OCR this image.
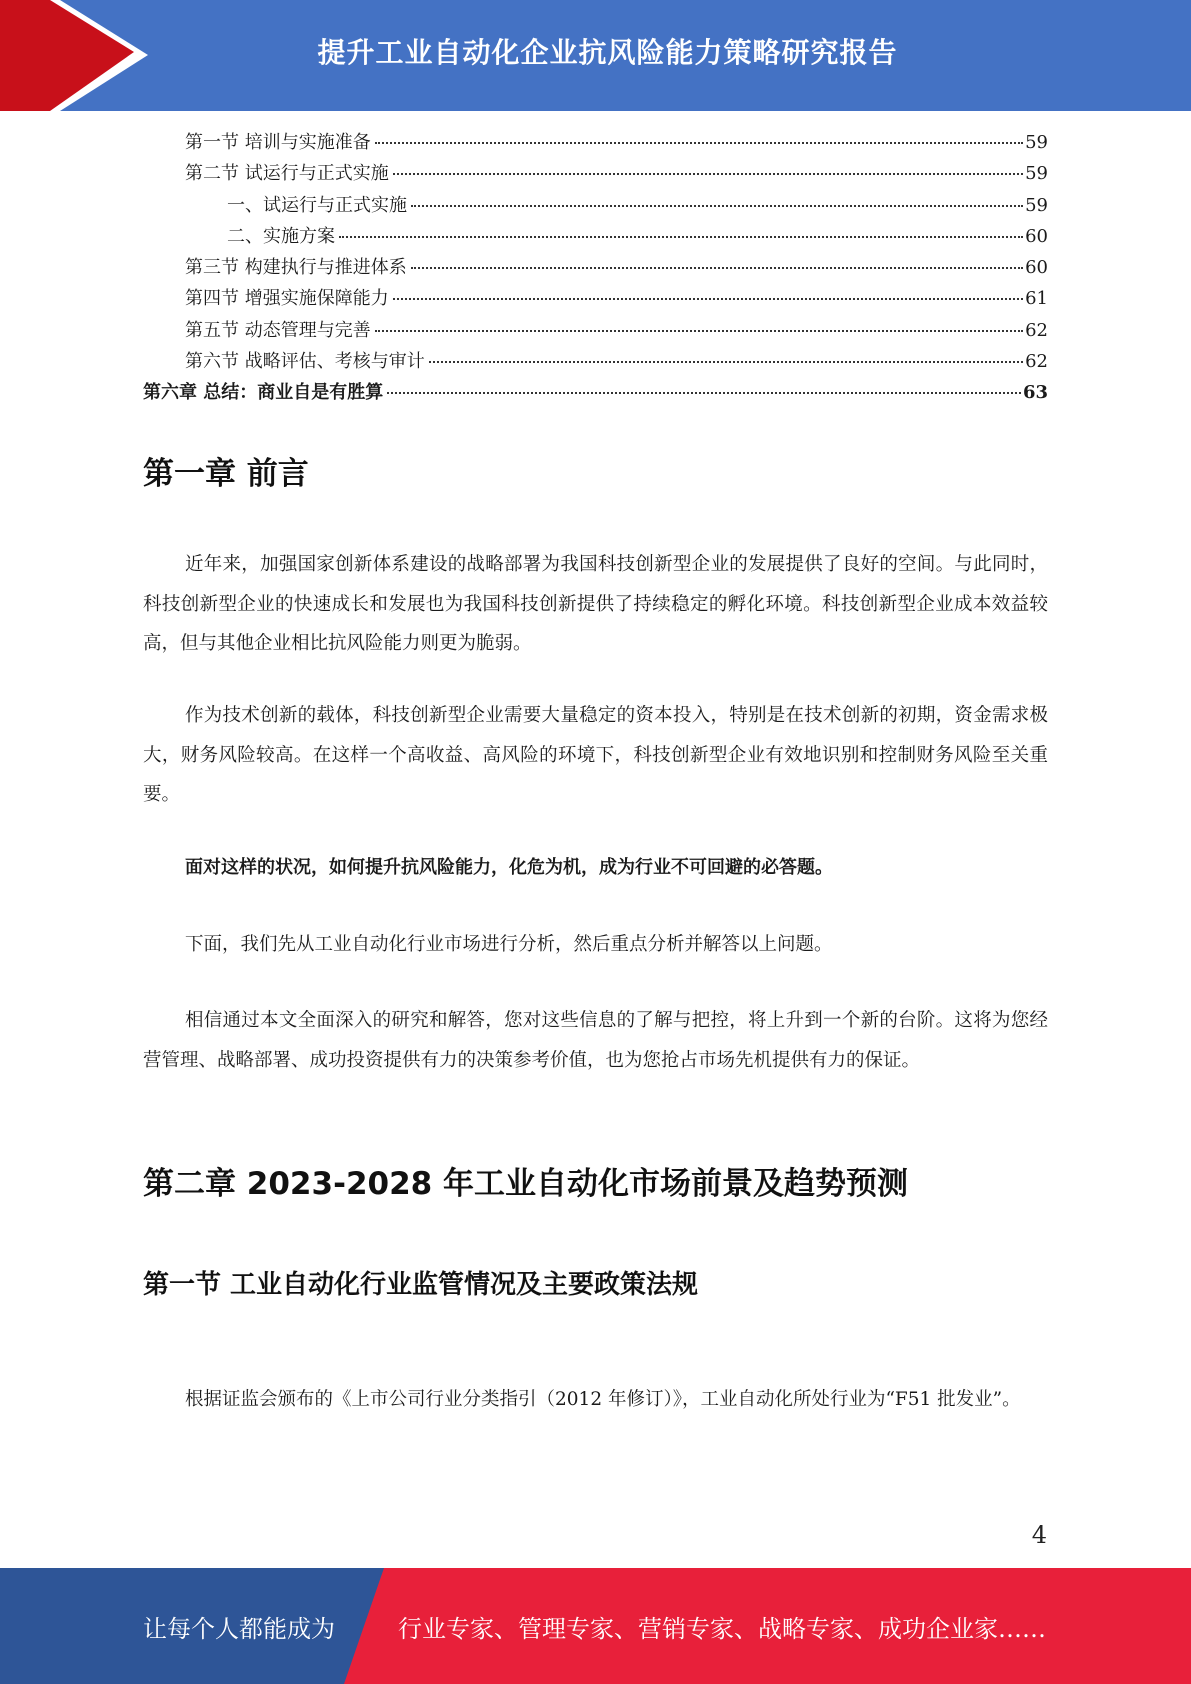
提升工业自动化企业抗风险能力策略研究报告
第一节 培训与实施准备	59
第二节 试运行与正式实施	59
一、试运行与正式实施	59
二、实施方案	60
第三节 构建执行与推进体系	60
第四节 增强实施保障能力	61
第五节 动态管理与完善	62
第六节 战略评估、考核与审计	62
第六章 总结：商业自是有胜算	63
第一章 前言

近年来，加强国家创新体系建设的战略部署为我国科技创新型企业的发展提供了良好的空间。与此同时，科技创新型企业的快速成长和发展也为我国科技创新提供了持续稳定的孵化环境。科技创新型企业成本效益较高，但与其他企业相比抗风险能力则更为脆弱。

作为技术创新的载体，科技创新型企业需要大量稳定的资本投入，特别是在技术创新的初期，资金需求极大，财务风险较高。在这样一个高收益、高风险的环境下，科技创新型企业有效地识别和控制财务风险至关重要。

面对这样的状况，如何提升抗风险能力，化危为机，成为行业不可回避的必答题。

下面，我们先从工业自动化行业市场进行分析，然后重点分析并解答以上问题。

相信通过本文全面深入的研究和解答，您对这些信息的了解与把控，将上升到一个新的台阶。这将为您经营管理、战略部署、成功投资提供有力的决策参考价值，也为您抢占市场先机提供有力的保证。

第二章 2023-2028 年工业自动化市场前景及趋势预测
第一节 工业自动化行业监管情况及主要政策法规

根据证监会颁布的《上市公司行业分类指引（2012 年修订）》，工业自动化所处行业为“F51 批发业”。

4
让每个人都能成为	行业专家、管理专家、营销专家、战略专家、成功企业家……
